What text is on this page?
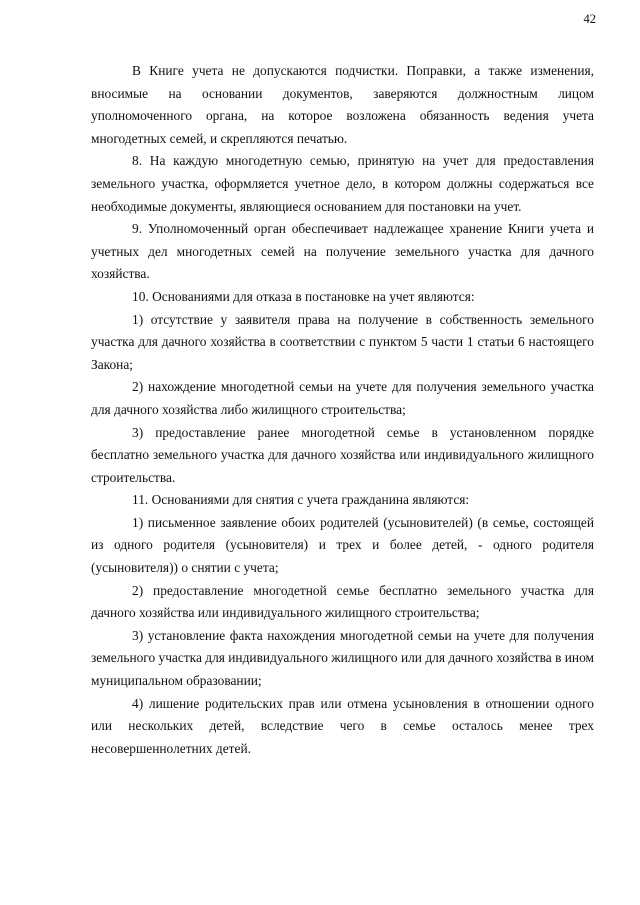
42

В Книге учета не допускаются подчистки. Поправки, а также изменения, вносимые на основании документов, заверяются должностным лицом уполномоченного органа, на которое возложена обязанность ведения учета многодетных семей, и скрепляются печатью.

8. На каждую многодетную семью, принятую на учет для предоставления земельного участка, оформляется учетное дело, в котором должны содержаться все необходимые документы, являющиеся основанием для постановки на учет.

9. Уполномоченный орган обеспечивает надлежащее хранение Книги учета и учетных дел многодетных семей на получение земельного участка для дачного хозяйства.

10. Основаниями для отказа в постановке на учет являются:

1) отсутствие у заявителя права на получение в собственность земельного участка для дачного хозяйства в соответствии с пунктом 5 части 1 статьи 6 настоящего Закона;

2) нахождение многодетной семьи на учете для получения земельного участка для дачного хозяйства либо жилищного строительства;

3) предоставление ранее многодетной семье в установленном порядке бесплатно земельного участка для дачного хозяйства или индивидуального жилищного строительства.

11. Основаниями для снятия с учета гражданина являются:

1) письменное заявление обоих родителей (усыновителей) (в семье, состоящей из одного родителя (усыновителя) и трех и более детей, - одного родителя (усыновителя)) о снятии с учета;

2) предоставление многодетной семье бесплатно земельного участка для дачного хозяйства или индивидуального жилищного строительства;

3) установление факта нахождения многодетной семьи на учете для получения земельного участка для индивидуального жилищного или для дачного хозяйства в ином муниципальном образовании;

4) лишение родительских прав или отмена усыновления в отношении одного или нескольких детей, вследствие чего в семье осталось менее трех несовершеннолетних детей.
